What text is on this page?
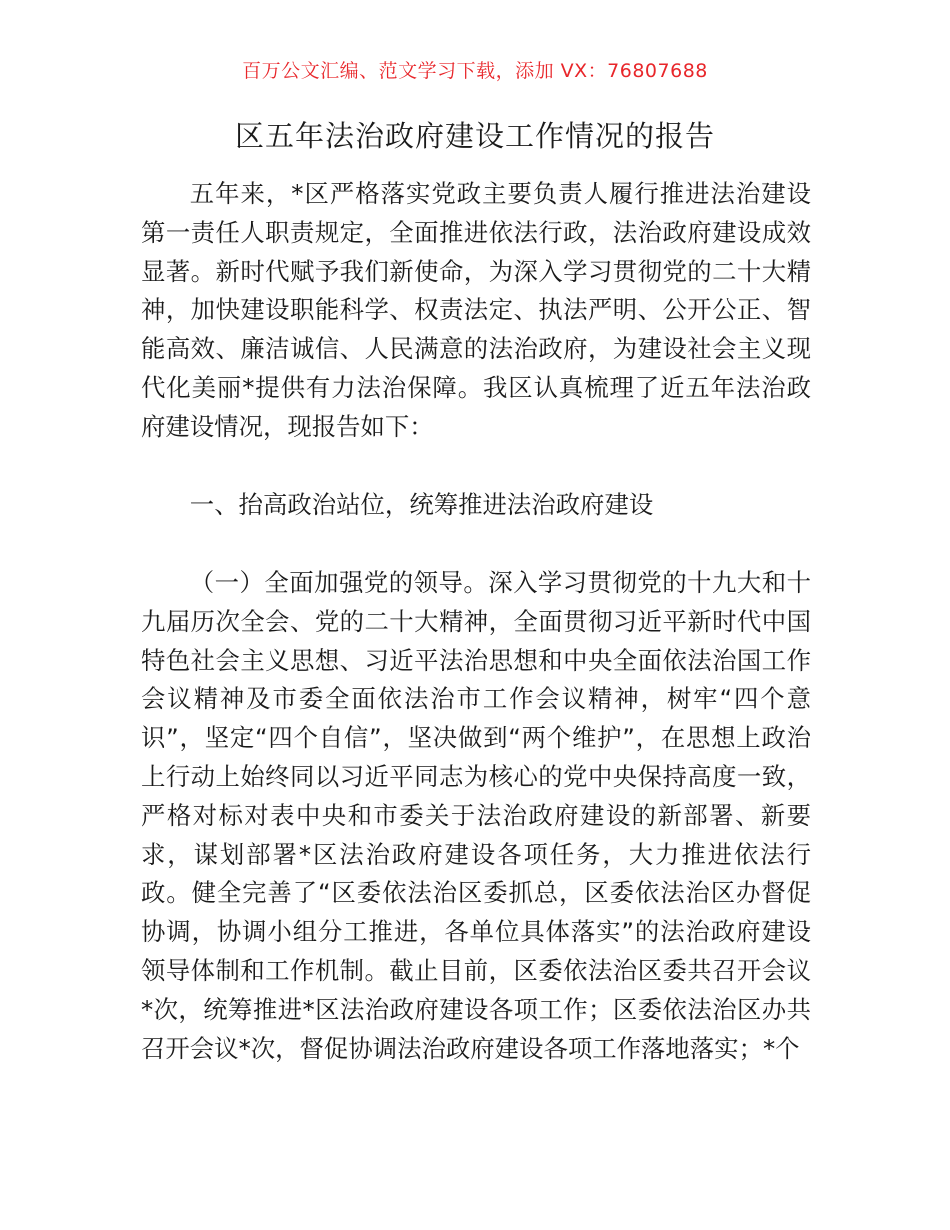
百万公文汇编、范文学习下载，添加 VX：76807688
区五年法治政府建设工作情况的报告

五年来，*区严格落实党政主要负责人履行推进法治建设第一责任人职责规定，全面推进依法行政，法治政府建设成效显著。新时代赋予我们新使命，为深入学习贯彻党的二十大精神，加快建设职能科学、权责法定、执法严明、公开公正、智能高效、廉洁诚信、人民满意的法治政府，为建设社会主义现代化美丽*提供有力法治保障。我区认真梳理了近五年法治政府建设情况，现报告如下：

一、抬高政治站位，统筹推进法治政府建设

（一）全面加强党的领导。深入学习贯彻党的十九大和十九届历次全会、党的二十大精神，全面贯彻习近平新时代中国特色社会主义思想、习近平法治思想和中央全面依法治国工作会议精神及市委全面依法治市工作会议精神，树牢“四个意识”，坚定“四个自信”，坚决做到“两个维护”，在思想上政治上行动上始终同以习近平同志为核心的党中央保持高度一致，严格对标对表中央和市委关于法治政府建设的新部署、新要求，谋划部署*区法治政府建设各项任务，大力推进依法行政。健全完善了“区委依法治区委抓总，区委依法治区办督促协调，协调小组分工推进，各单位具体落实”的法治政府建设领导体制和工作机制。截止目前，区委依法治区委共召开会议*次，统筹推进*区法治政府建设各项工作；区委依法治区办共召开会议*次，督促协调法治政府建设各项工作落地落实；*个
